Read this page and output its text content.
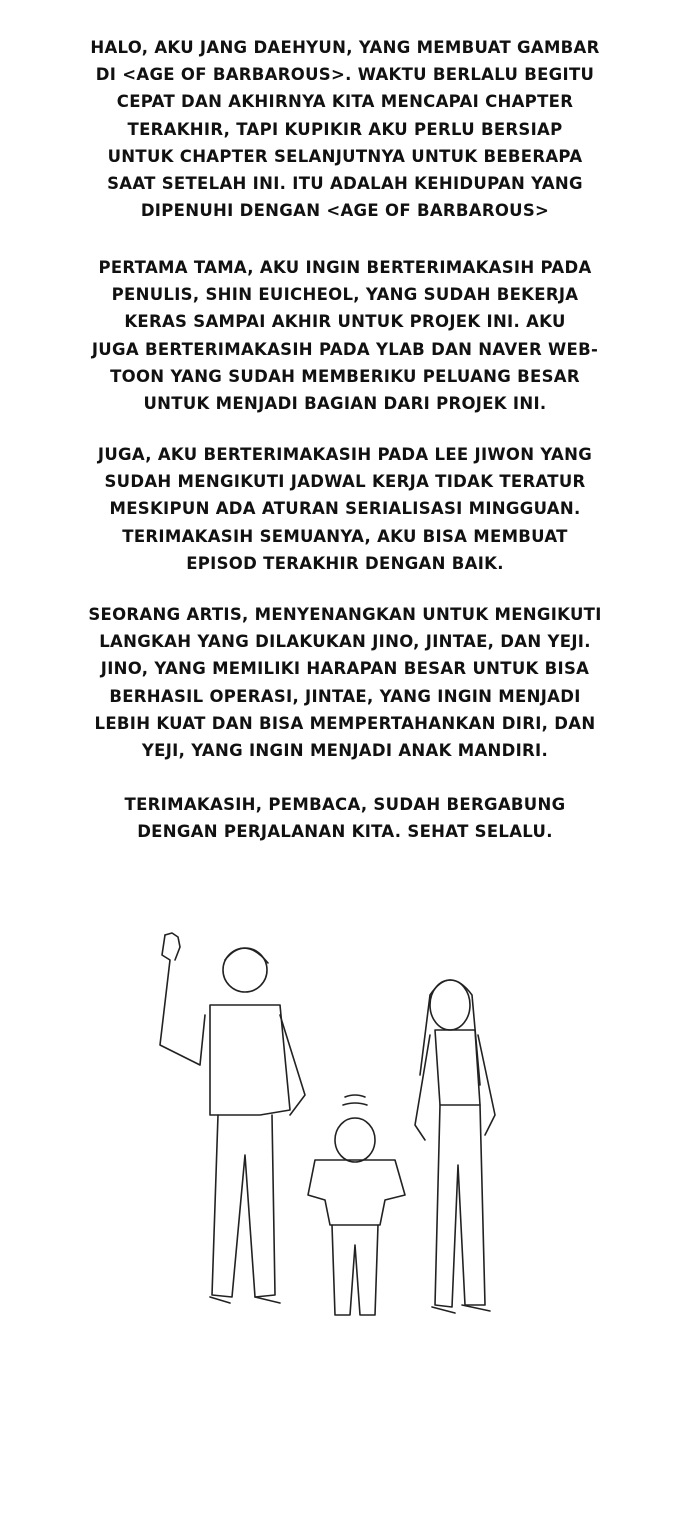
HALO, AKU JANG DAEHYUN, YANG MEMBUAT GAMBAR
DI <AGE OF BARBAROUS>. WAKTU BERLALU BEGITU
CEPAT DAN AKHIRNYA KITA MENCAPAI CHAPTER
TERAKHIR, TAPI KUPIKIR AKU PERLU BERSIAP
UNTUK CHAPTER SELANJUTNYA UNTUK BEBERAPA
SAAT SETELAH INI. ITU ADALAH KEHIDUPAN YANG
DIPENUHI DENGAN <AGE OF BARBAROUS>
PERTAMA TAMA, AKU INGIN BERTERIMAKASIH PADA
PENULIS, SHIN EUICHEOL, YANG SUDAH BEKERJA
KERAS SAMPAI AKHIR UNTUK PROJEK INI. AKU
JUGA BERTERIMAKASIH PADA YLAB DAN NAVER WEB-
TOON YANG SUDAH MEMBERIKU PELUANG BESAR
UNTUK MENJADI BAGIAN DARI PROJEK INI.
JUGA, AKU BERTERIMAKASIH PADA LEE JIWON YANG
SUDAH MENGIKUTI JADWAL KERJA TIDAK TERATUR
MESKIPUN ADA ATURAN SERIALISASI MINGGUAN.
TERIMAKASIH SEMUANYA, AKU BISA MEMBUAT
EPISOD TERAKHIR DENGAN BAIK.
SEORANG ARTIS, MENYENANGKAN UNTUK MENGIKUTI
LANGKAH YANG DILAKUKAN JINO, JINTAE, DAN YEJI.
JINO, YANG MEMILIKI HARAPAN BESAR UNTUK BISA
BERHASIL OPERASI, JINTAE, YANG INGIN MENJADI
LEBIH KUAT DAN BISA MEMPERTAHANKAN DIRI, DAN
YEJI, YANG INGIN MENJADI ANAK MANDIRI.
TERIMAKASIH, PEMBACA, SUDAH BERGABUNG
DENGAN PERJALANAN KITA. SEHAT SELALU.
